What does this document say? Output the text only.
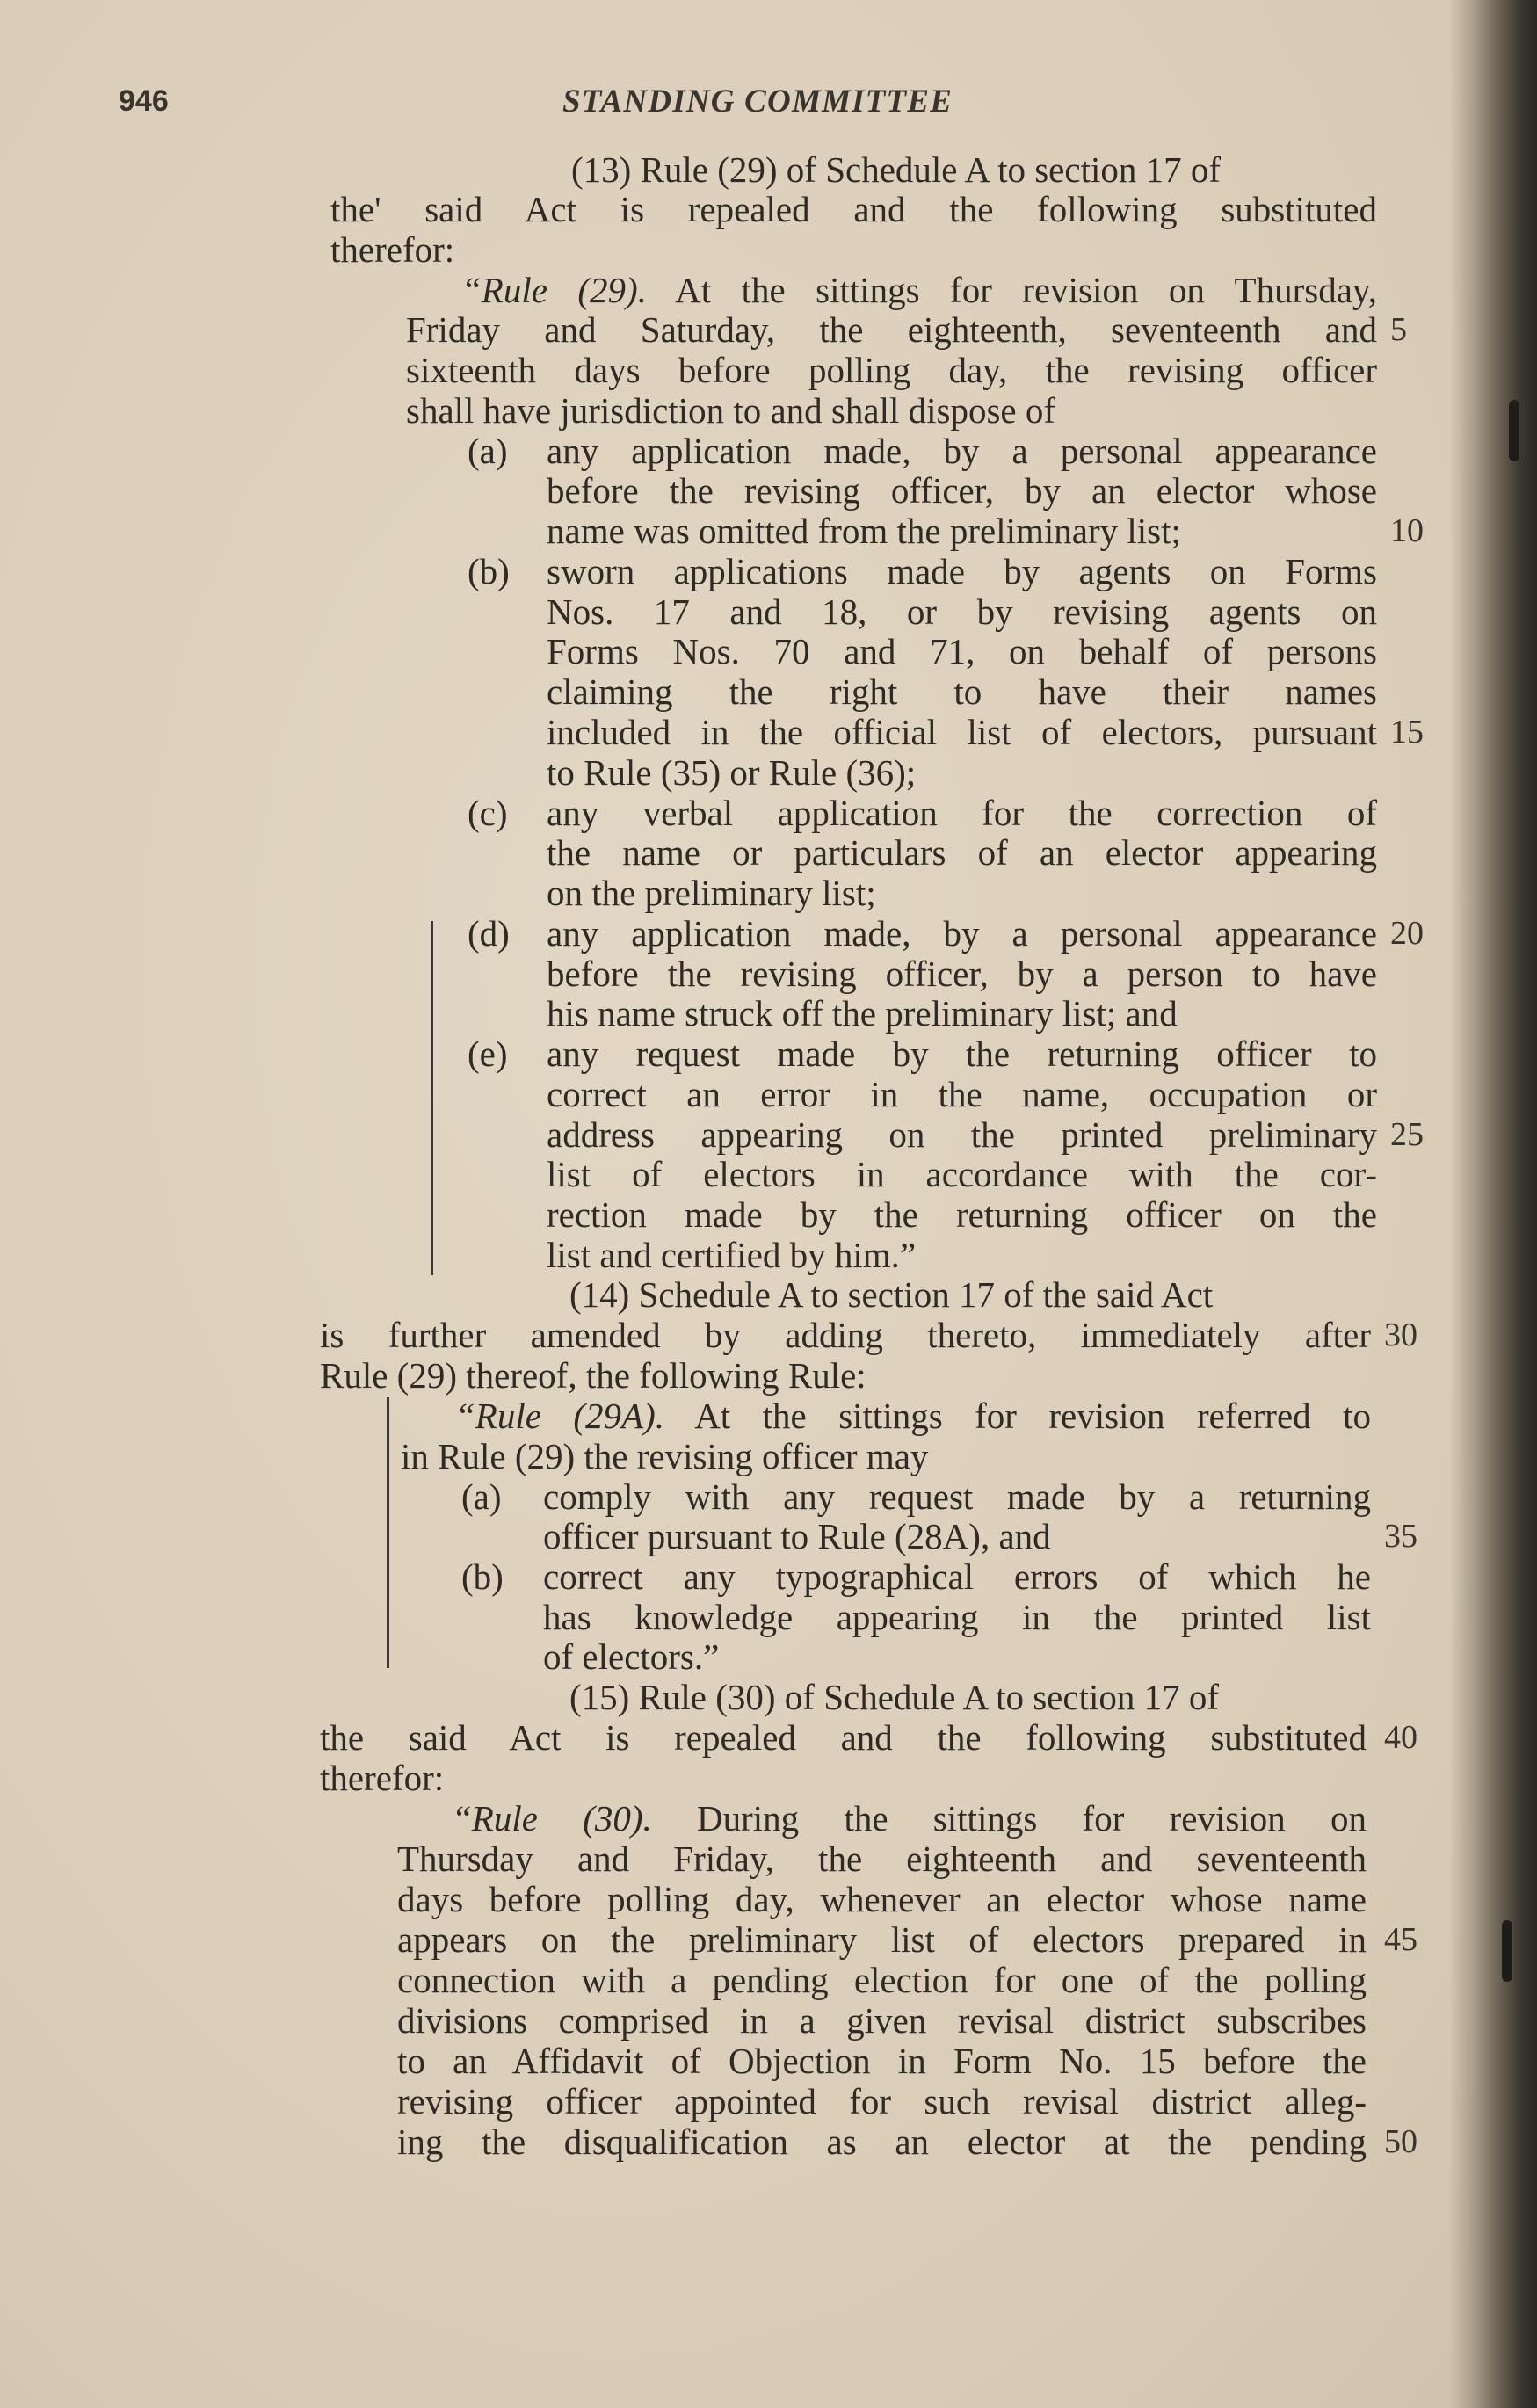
946	STANDING COMMITTEE
(13) Rule (29) of Schedule A to section 17 of
the' said Act is repealed and the following substituted
therefor:
“Rule (29). At the sittings for revision on Thursday,
Friday and Saturday, the eighteenth, seventeenth and
sixteenth days before polling day, the revising officer
shall have jurisdiction to and shall dispose of
(a) any application made, by a personal appearance
before the revising officer, by an elector whose
name was omitted from the preliminary list;
(b) sworn applications made by agents on Forms
Nos. 17 and 18, or by revising agents on
Forms Nos. 70 and 71, on behalf of persons
claiming the right to have their names
included in the official list of electors, pursuant
to Rule (35) or Rule (36);
(c) any verbal application for the correction of
the name or particulars of an elector appearing
on the preliminary list;
(d) any application made, by a personal appearance
before the revising officer, by a person to have
his name struck off the preliminary list; and
(e) any request made by the returning officer to
correct an error in the name, occupation or
address appearing on the printed preliminary
list of electors in accordance with the cor-
rection made by the returning officer on the
list and certified by him.”
(14) Schedule A to section 17 of the said Act
is further amended by adding thereto, immediately after
Rule (29) thereof, the following Rule:
“Rule (29A). At the sittings for revision referred to
in Rule (29) the revising officer may
(a) comply with any request made by a returning
officer pursuant to Rule (28A), and
(b) correct any typographical errors of which he
has knowledge appearing in the printed list
of electors.”
(15) Rule (30) of Schedule A to section 17 of
the said Act is repealed and the following substituted
therefor:
“Rule (30). During the sittings for revision on
Thursday and Friday, the eighteenth and seventeenth
days before polling day, whenever an elector whose name
appears on the preliminary list of electors prepared in
connection with a pending election for one of the polling
divisions comprised in a given revisal district subscribes
to an Affidavit of Objection in Form No. 15 before the
revising officer appointed for such revisal district alleg-
ing the disqualification as an elector at the pending
5
10
15
20
25
30
35
40
45
50
